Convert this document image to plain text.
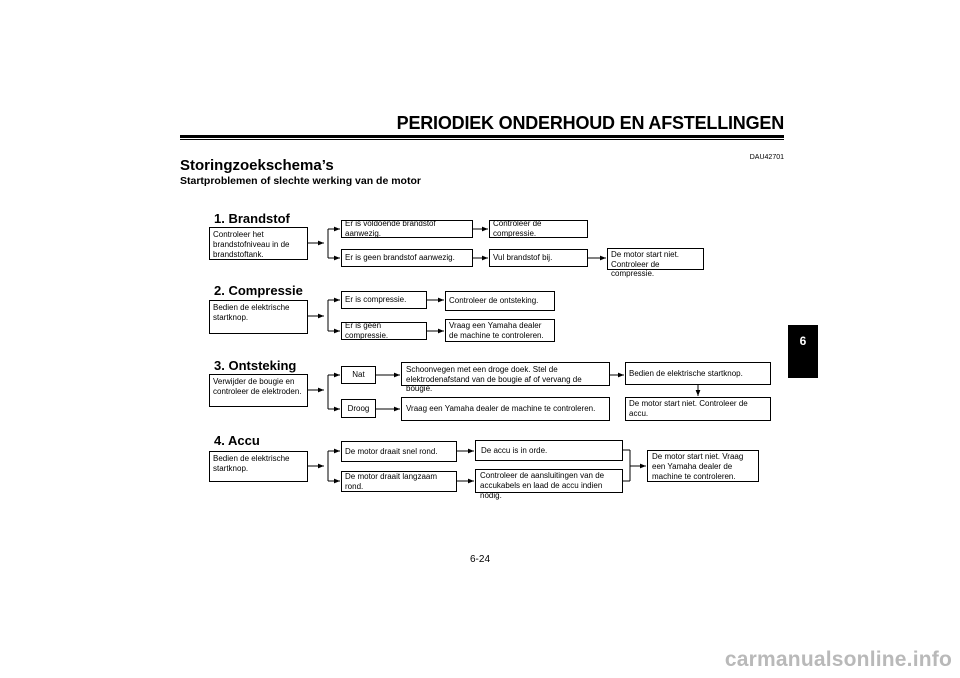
PERIODIEK ONDERHOUD EN AFSTELLINGEN
DAU42701
Storingzoekschema’s
Startproblemen of slechte werking van de motor
6
1. Brandstof
Controleer het brandstofniveau in de brandstoftank.
Er is voldoende brandstof aanwezig.
Controleer de compressie.
Er is geen brandstof aanwezig.	Vul brandstof bij.	De motor start niet. Controleer de compressie.
2. Compressie
Bedien de elektrische startknop.
Er is compressie.	Controleer de ontsteking.
Er is geen compressie.
Vraag een Yamaha dealer de machine te controleren.
3. Ontsteking
Verwijder de bougie en controleer de elektroden.
Nat
Schoonvegen met een droge doek. Stel de elektrodenafstand van de bougie af of vervang de bougie.
Bedien de elektrische startknop.
Droog	Vraag een Yamaha dealer de machine te controleren.
De motor start niet. Controleer de accu.
4. Accu
Bedien de elektrische startknop.
De motor draait snel rond.	De accu is in orde.
De motor draait langzaam rond.
Controleer de aansluitingen van de accukabels en laad de accu indien nodig.
De motor start niet. Vraag een Yamaha dealer de machine te controleren.
6-24
carmanualsonline.info
